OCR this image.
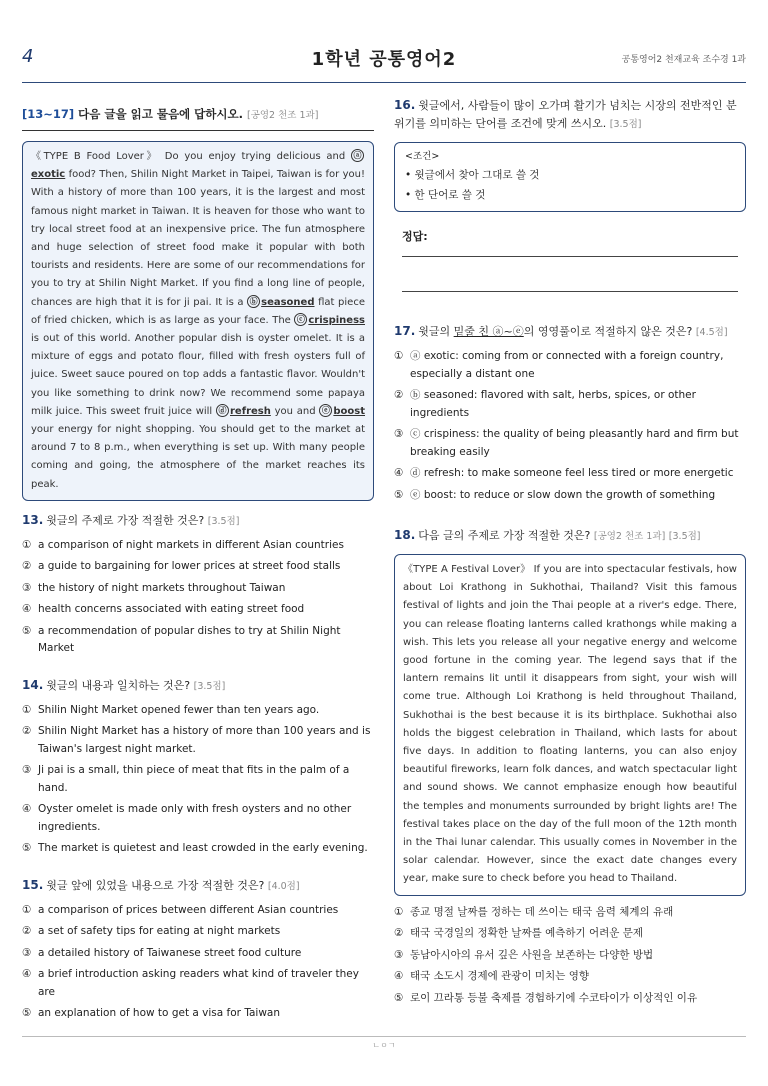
4	1학년 공통영어2	공통영어2 천재교육 조수경 1과
[13~17] 다음 글을 읽고 물음에 답하시오. [공영2 천조 1과]
《TYPE B Food Lover》 Do you enjoy trying delicious and ⓐexotic food? Then, Shilin Night Market in Taipei, Taiwan is for you! With a history of more than 100 years, it is the largest and most famous night market in Taiwan. It is heaven for those who want to try local street food at an inexpensive price. The fun atmosphere and huge selection of street food make it popular with both tourists and residents. Here are some of our recommendations for you to try at Shilin Night Market. If you find a long line of people, chances are high that it is for ji pai. It is a ⓑ seasoned flat piece of fried chicken, which is as large as your face. The ⓒ crispiness is out of this world. Another popular dish is oyster omelet. It is a mixture of eggs and potato flour, filled with fresh oysters full of juice. Sweet sauce poured on top adds a fantastic flavor. Wouldn't you like something to drink now? We recommend some papaya milk juice. This sweet fruit juice will ⓓ refresh you and ⓔ boost your energy for night shopping. You should get to the market at around 7 to 8 p.m., when everything is set up. With many people coming and going, the atmosphere of the market reaches its peak.
13. 윗글의 주제로 가장 적절한 것은? [3.5점]
① a comparison of night markets in different Asian countries
② a guide to bargaining for lower prices at street food stalls
③ the history of night markets throughout Taiwan
④ health concerns associated with eating street food
⑤ a recommendation of popular dishes to try at Shilin Night Market
14. 윗글의 내용과 일치하는 것은? [3.5점]
① Shilin Night Market opened fewer than ten years ago.
② Shilin Night Market has a history of more than 100 years and is Taiwan's largest night market.
③ Ji pai is a small, thin piece of meat that fits in the palm of a hand.
④ Oyster omelet is made only with fresh oysters and no other ingredients.
⑤ The market is quietest and least crowded in the early evening.
15. 윗글 앞에 있었을 내용으로 가장 적절한 것은? [4.0점]
① a comparison of prices between different Asian countries
② a set of safety tips for eating at night markets
③ a detailed history of Taiwanese street food culture
④ a brief introduction asking readers what kind of traveler they are
⑤ an explanation of how to get a visa for Taiwan
16. 윗글에서, 사람들이 많이 오가며 활기가 넘치는 시장의 전반적인 분위기를 의미하는 단어를 조건에 맞게 쓰시오. [3.5점]
<조건>
• 윗글에서 찾아 그대로 쓸 것
• 한 단어로 쓸 것
정답:
17. 윗글의 밑줄 친 ⓐ~ⓔ의 영영풀이로 적절하지 않은 것은? [4.5점]
① ⓐ exotic: coming from or connected with a foreign country, especially a distant one
② ⓑ seasoned: flavored with salt, herbs, spices, or other ingredients
③ ⓒ crispiness: the quality of being pleasantly hard and firm but breaking easily
④ ⓓ refresh: to make someone feel less tired or more energetic
⑤ ⓔ boost: to reduce or slow down the growth of something
18. 다음 글의 주제로 가장 적절한 것은? [공영2 천조 1과] [3.5점]
《TYPE A Festival Lover》 If you are into spectacular festivals, how about Loi Krathong in Sukhothai, Thailand? Visit this famous festival of lights and join the Thai people at a river's edge. There, you can release floating lanterns called krathongs while making a wish. This lets you release all your negative energy and welcome good fortune in the coming year. The legend says that if the lantern remains lit until it disappears from sight, your wish will come true. Although Loi Krathong is held throughout Thailand, Sukhothai is the best because it is its birthplace. Sukhothai also holds the biggest celebration in Thailand, which lasts for about five days. In addition to floating lanterns, you can also enjoy beautiful fireworks, learn folk dances, and watch spectacular light and sound shows. We cannot emphasize enough how beautiful the temples and monuments surrounded by bright lights are! The festival takes place on the day of the full moon of the 12th month in the Thai lunar calendar. This usually comes in November in the solar calendar. However, since the exact date changes every year, make sure to check before you head to Thailand.
① 종교 명절 날짜를 정하는 데 쓰이는 태국 음력 체계의 유래
② 태국 국경일의 정확한 날짜를 예측하기 어려운 문제
③ 동남아시아의 유서 깊은 사원을 보존하는 다양한 방법
④ 태국 소도시 경제에 관광이 미치는 영향
⑤ 로이 끄라통 등불 축제를 경험하기에 수코타이가 이상적인 이유
ㄴㅇㄱ
